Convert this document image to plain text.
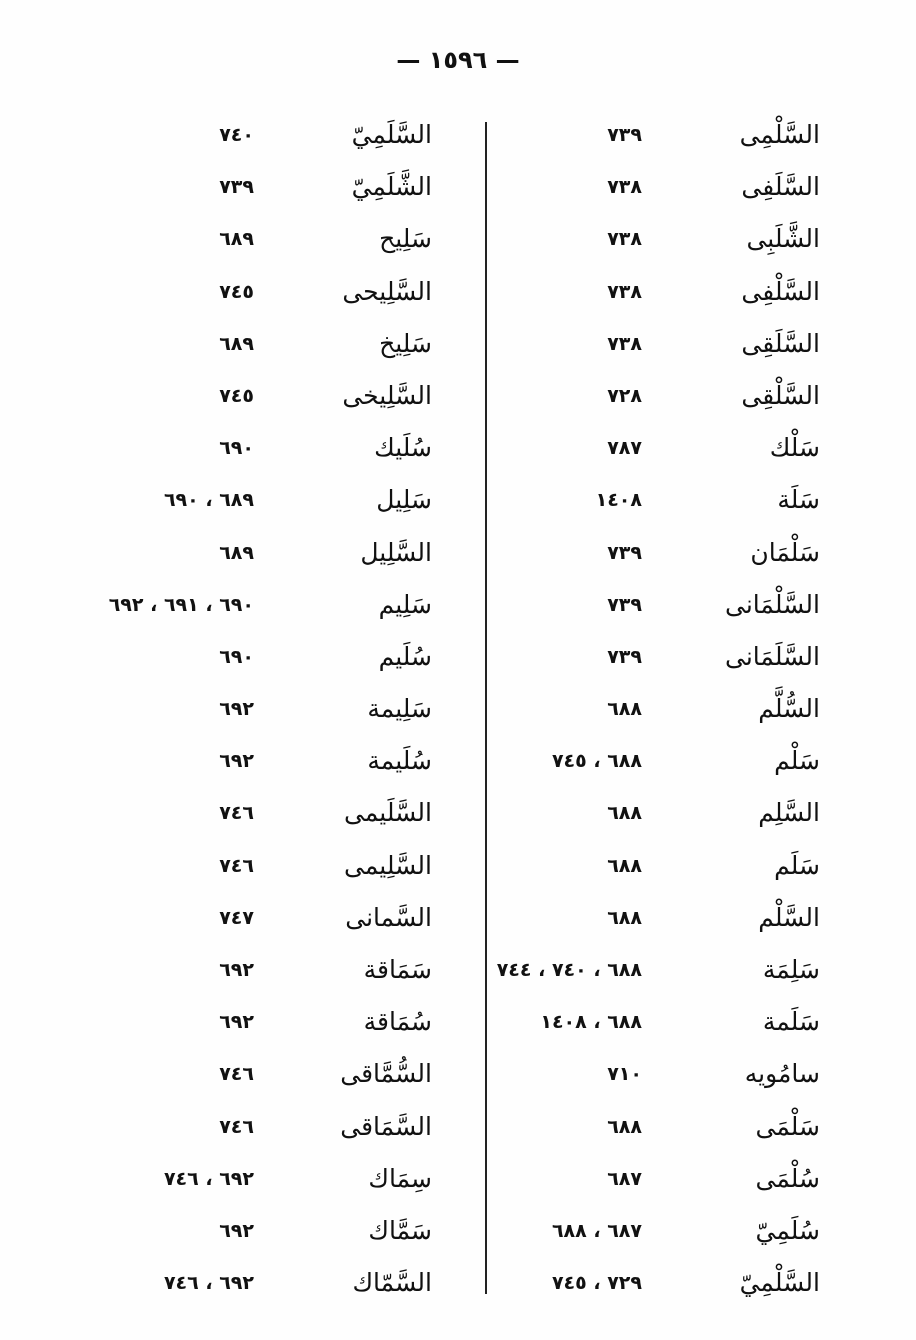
— ١٥٩٦ —
السَّلْمِى
٧٣٩
السَّلَفِى
٧٣٨
الشَّلَبِى
٧٣٨
السَّلْفِى
٧٣٨
السَّلَقِى
٧٣٨
السَّلْقِى
٧٢٨
سَلْك
٧٨٧
سَلَة
١٤٠٨
سَلْمَان
٧٣٩
السَّلْمَانى
٧٣٩
السَّلَمَانى
٧٣٩
السُّلَّم
٦٨٨
سَلْم
٦٨٨ ، ٧٤٥
السَّلِم
٦٨٨
سَلَم
٦٨٨
السَّلْم
٦٨٨
سَلِمَة
٦٨٨ ، ٧٤٠ ، ٧٤٤
سَلَمة
٦٨٨ ، ١٤٠٨
سامُويه
٧١٠
سَلْمَى
٦٨٨
سُلْمَى
٦٨٧
سُلَمِيّ
٦٨٧ ، ٦٨٨
السَّلْمِيّ
٧٢٩ ، ٧٤٥
السَّلَمِيّ
٧٤٠
الشَّلَمِيّ
٧٣٩
سَلِيح
٦٨٩
السَّلِيحى
٧٤٥
سَلِيخ
٦٨٩
السَّلِيخى
٧٤٥
سُلَيك
٦٩٠
سَلِيل
٦٨٩ ، ٦٩٠
السَّلِيل
٦٨٩
سَلِيم
٦٩٠ ، ٦٩١ ، ٦٩٢
سُلَيم
٦٩٠
سَلِيمة
٦٩٢
سُلَيمة
٦٩٢
السَّلَيمى
٧٤٦
السَّلِيمى
٧٤٦
السَّمانى
٧٤٧
سَمَاقة
٦٩٢
سُمَاقة
٦٩٢
السُّمَّاقى
٧٤٦
السَّمَاقى
٧٤٦
سِمَاك
٦٩٢ ، ٧٤٦
سَمَّاك
٦٩٢
السَّمّاك
٦٩٢ ، ٧٤٦
